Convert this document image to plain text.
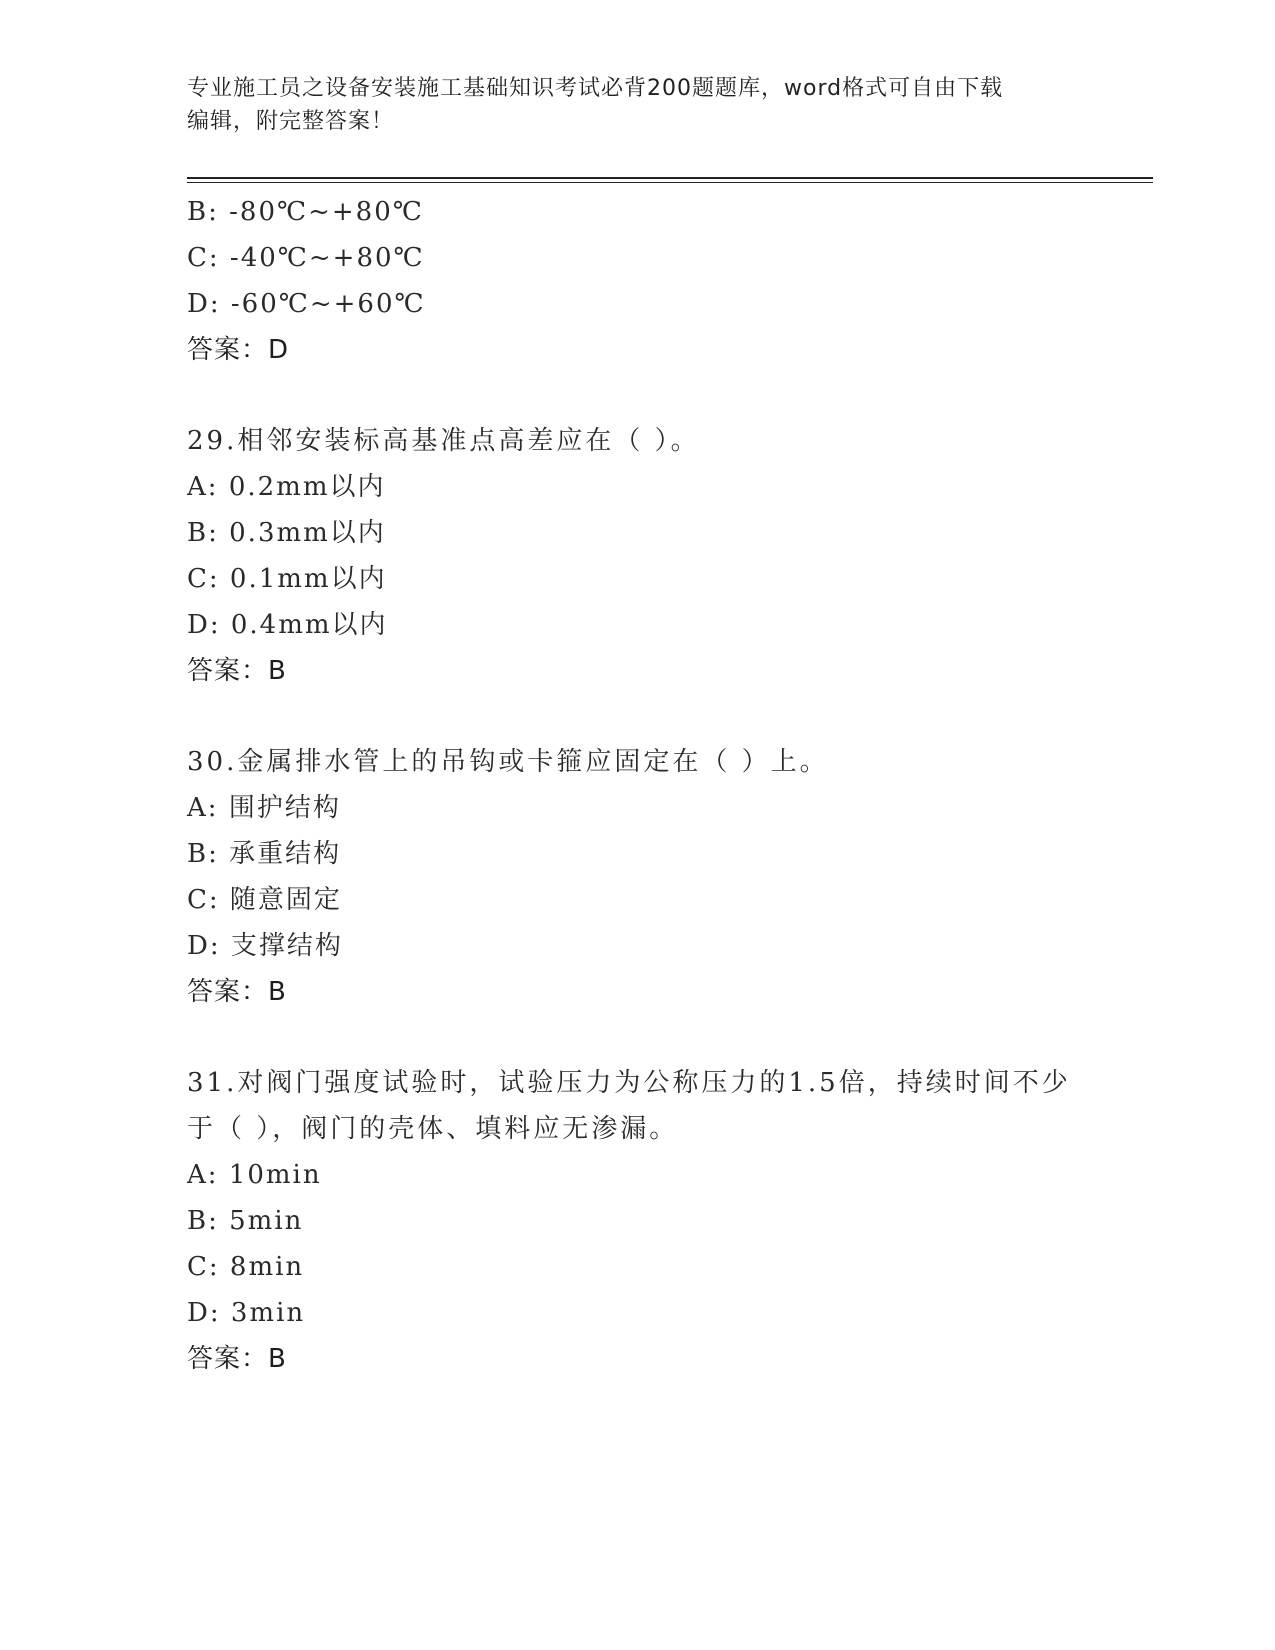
专业施工员之设备安装施工基础知识考试必背200题题库，word格式可自由下载
编辑，附完整答案！
B: -80℃~+80℃
C: -40℃~+80℃
D: -60℃~+60℃
答案：D
29.相邻安装标高基准点高差应在（ ）。
A: 0.2mm以内
B: 0.3mm以内
C: 0.1mm以内
D: 0.4mm以内
答案：B
30.金属排水管上的吊钩或卡箍应固定在（ ）上。
A: 围护结构
B: 承重结构
C: 随意固定
D: 支撑结构
答案：B
31.对阀门强度试验时，试验压力为公称压力的1.5倍，持续时间不少于（ ），阀门的壳体、填料应无渗漏。
A: 10min
B: 5min
C: 8min
D: 3min
答案：B
